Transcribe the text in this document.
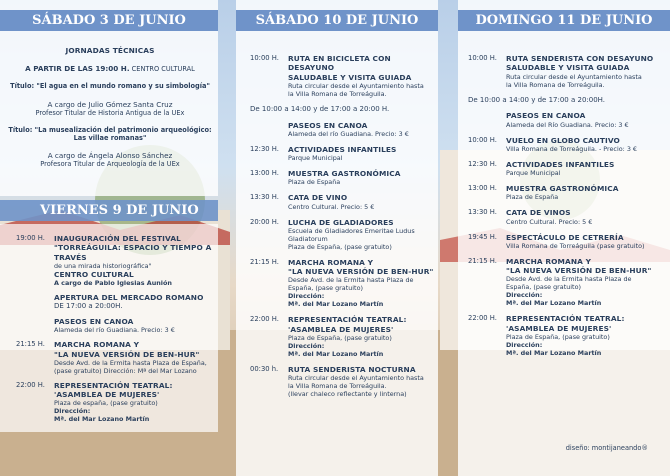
SÁBADO 3 DE JUNIO
JORNADAS TÉCNICAS
A PARTIR DE LAS 19:00 H. CENTRO CULTURAL
Título: "El agua en el mundo romano y su simbología"
A cargo de Julio Gómez Santa Cruz
Profesor Titular de Historia Antigua de la UEx
Título: "La musealización del patrimonio arqueológico:
Las villae romanas"
A cargo de Ángela Alonso Sánchez
Profesora Titular de Arqueología de la UEx
VIERNES 9 DE JUNIO
19:00 H. INAUGURACIÓN DEL FESTIVAL
"TORREÁGUILA: ESPACIO Y TIEMPO A TRAVÉS
de una mirada historiográfica"
CENTRO CULTURAL
A cargo de Pablo Iglesias Aunión
APERTURA DEL MERCADO ROMANO
DE 17:00 a 20:00H.
PASEOS EN CANOA
Alameda del río Guadiana. Precio: 3 €
21:15 H. MARCHA ROMANA Y
"LA NUEVA VERSIÓN DE BEN-HUR"
Desde Avd. de la Ermita hasta Plaza de España,
(pase gratuito) Dirección: Mª del Mar Lozano
22:00 H. REPRESENTACIÓN TEATRAL:
'ASAMBLEA DE MUJERES'
Plaza de españa, (pase gratuito)
Dirección:
Mª. del Mar Lozano Martín
SÁBADO 10 DE JUNIO
10:00 H. RUTA EN BICICLETA CON DESAYUNO
SALUDABLE Y VISITA GUIADA
Ruta circular desde el Ayuntamiento hasta
la Villa Romana de Torreáguila.
De 10:00 a 14:00 y de 17:00 a 20:00 H.
PASEOS EN CANOA
Alameda del río Guadiana. Precio: 3 €
12:30 H. ACTIVIDADES INFANTILES
Parque Municipal
13:00 H. MUESTRA GASTRONÓMICA
Plaza de España
13:30 H. CATA DE VINO
Centro Cultural. Precio: 5 €
20:00 H. LUCHA DE GLADIADORES
Escuela de Gladiadores Emeritae Ludus Gladiatorum
Plaza de España, (pase gratuito)
21:15 H. MARCHA ROMANA Y
"LA NUEVA VERSIÓN DE BEN-HUR"
Desde Avd. de la Ermita hasta Plaza de
España, (pase gratuito)
Dirección:
Mª. del Mar Lozano Martín
22:00 H. REPRESENTACIÓN TEATRAL:
'ASAMBLEA DE MUJERES'
Plaza de España, (pase gratuito)
Dirección:
Mª. del Mar Lozano Martín
00:30 h. RUTA SENDERISTA NOCTURNA
Ruta circular desde el Ayuntamiento hasta
la Villa Romana de Torreáguila.
(llevar chaleco reflectante y linterna)
DOMINGO 11 DE JUNIO
10:00 H. RUTA SENDERISTA CON DESAYUNO
SALUDABLE Y VISITA GUIADA
Ruta circular desde el Ayuntamiento hasta
la Villa Romana de Torreáguila.
De 10:00 a 14:00 y de 17:00 a 20:00H.
PASEOS EN CANOA
Alameda del Río Guadiana. Precio: 3 €
10:00 H. VUELO EN GLOBO CAUTIVO
Villa Romana de Torreáguila. - Precio: 3 €
12:30 H. ACTIVIDADES INFANTILES
Parque Municipal
13:00 H. MUESTRA GASTRONÓMICA
Plaza de España
13:30 H. CATA DE VINOS
Centro Cultural. Precio: 5 €
19:45 H. ESPECTÁCULO DE CETRERÍA
Villa Romana de Torreáguila (pase gratuito)
21:15 H. MARCHA ROMANA Y
"LA NUEVA VERSIÓN DE BEN-HUR"
Desde Avd. de la Ermita hasta Plaza de
España, (pase gratuito)
Dirección:
Mª. del Mar Lozano Martín
22:00 H. REPRESENTACIÓN TEATRAL:
'ASAMBLEA DE MUJERES'
Plaza de España, (pase gratuito)
Dirección:
Mª. del Mar Lozano Martín
diseño: montijaneando®
